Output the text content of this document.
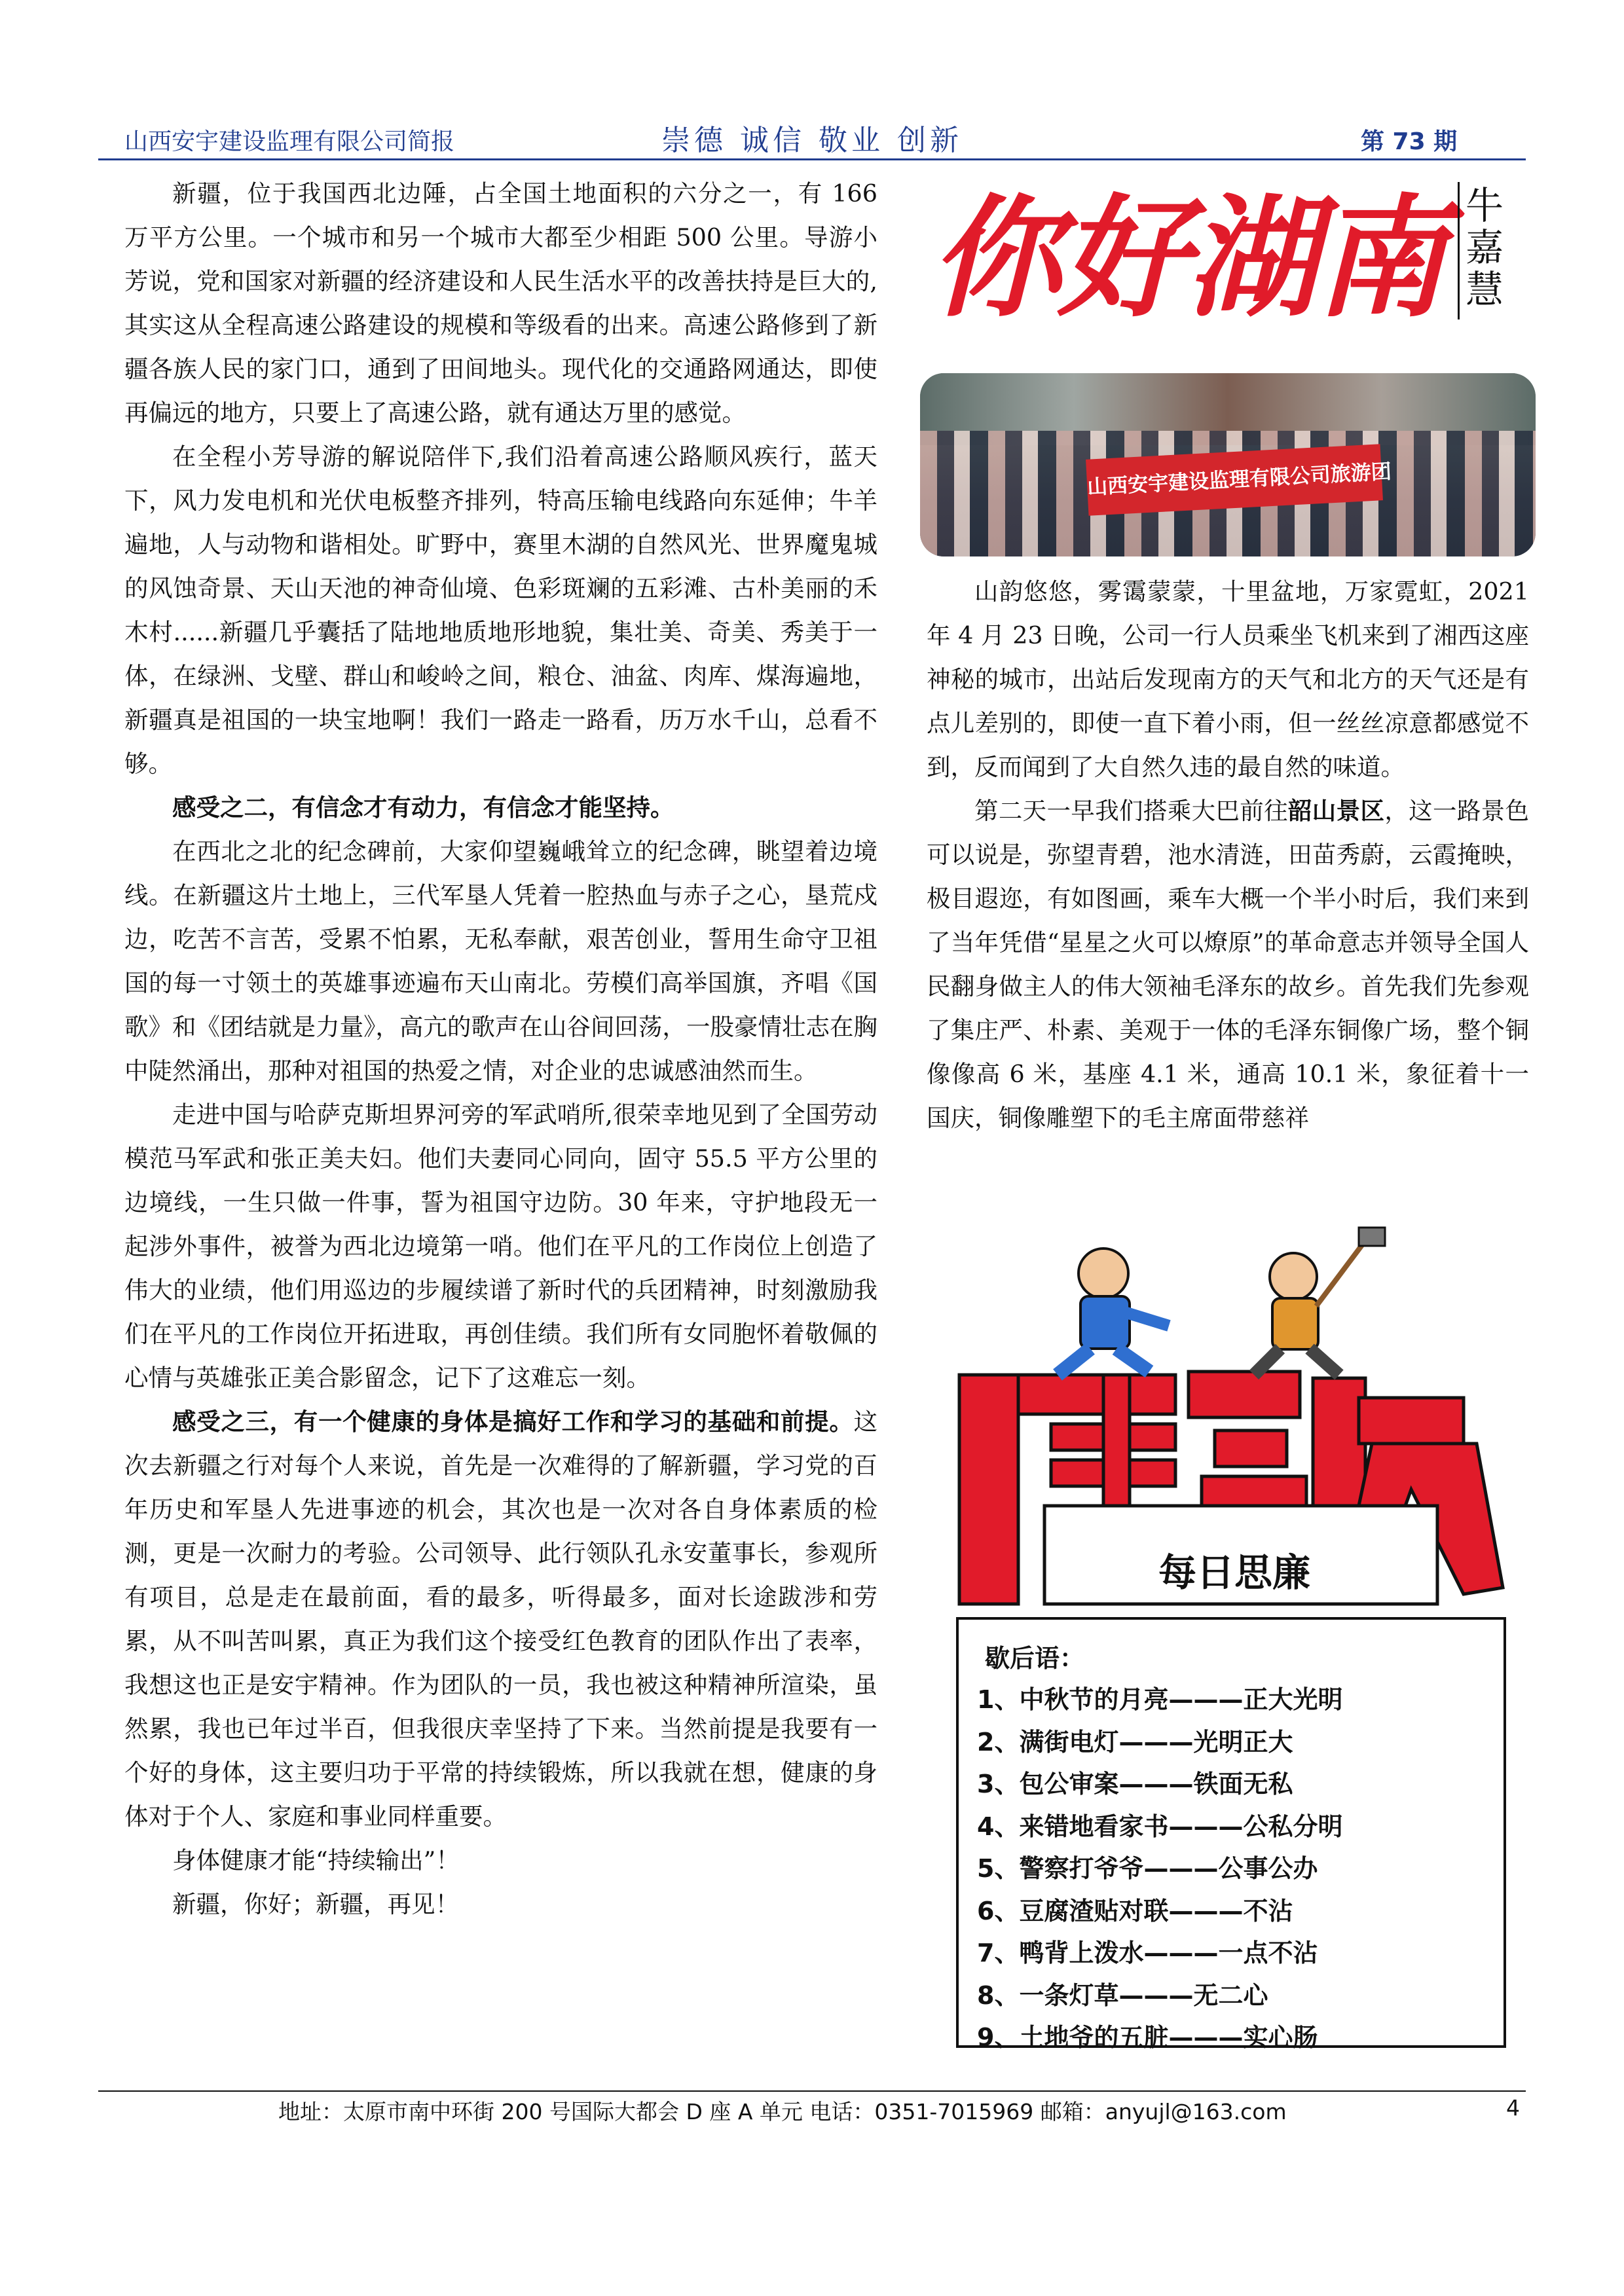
山西安宇建设监理有限公司简报	崇德 诚信 敬业 创新	第 73 期

新疆，位于我国西北边陲，占全国土地面积的六分之一，有 166 万平方公里。一个城市和另一个城市大都至少相距 500 公里。导游小芳说，党和国家对新疆的经济建设和人民生活水平的改善扶持是巨大的,其实这从全程高速公路建设的规模和等级看的出来。高速公路修到了新疆各族人民的家门口，通到了田间地头。现代化的交通路网通达，即使再偏远的地方，只要上了高速公路，就有通达万里的感觉。

在全程小芳导游的解说陪伴下,我们沿着高速公路顺风疾行，蓝天下，风力发电机和光伏电板整齐排列，特高压输电线路向东延伸；牛羊遍地，人与动物和谐相处。旷野中，赛里木湖的自然风光、世界魔鬼城的风蚀奇景、天山天池的神奇仙境、色彩斑斓的五彩滩、古朴美丽的禾木村......新疆几乎囊括了陆地地质地形地貌，集壮美、奇美、秀美于一体，在绿洲、戈壁、群山和峻岭之间，粮仓、油盆、肉库、煤海遍地，新疆真是祖国的一块宝地啊！我们一路走一路看，历万水千山，总看不够。

感受之二，有信念才有动力，有信念才能坚持。

在西北之北的纪念碑前，大家仰望巍峨耸立的纪念碑，眺望着边境线。在新疆这片土地上，三代军垦人凭着一腔热血与赤子之心，垦荒戍边，吃苦不言苦，受累不怕累，无私奉献，艰苦创业，誓用生命守卫祖国的每一寸领土的英雄事迹遍布天山南北。劳模们高举国旗，齐唱《国歌》和《团结就是力量》，高亢的歌声在山谷间回荡，一股豪情壮志在胸中陡然涌出，那种对祖国的热爱之情，对企业的忠诚感油然而生。

走进中国与哈萨克斯坦界河旁的军武哨所,很荣幸地见到了全国劳动模范马军武和张正美夫妇。他们夫妻同心同向，固守 55.5 平方公里的边境线，一生只做一件事，誓为祖国守边防。30 年来，守护地段无一起涉外事件，被誉为西北边境第一哨。他们在平凡的工作岗位上创造了伟大的业绩，他们用巡边的步履续谱了新时代的兵团精神，时刻激励我们在平凡的工作岗位开拓进取，再创佳绩。我们所有女同胞怀着敬佩的心情与英雄张正美合影留念，记下了这难忘一刻。

感受之三，有一个健康的身体是搞好工作和学习的基础和前提。这次去新疆之行对每个人来说，首先是一次难得的了解新疆，学习党的百年历史和军垦人先进事迹的机会，其次也是一次对各自身体素质的检测，更是一次耐力的考验。公司领导、此行领队孔永安董事长，参观所有项目，总是走在最前面，看的最多，听得最多，面对长途跋涉和劳累，从不叫苦叫累，真正为我们这个接受红色教育的团队作出了表率，我想这也正是安宇精神。作为团队的一员，我也被这种精神所渲染，虽然累，我也已年过半百，但我很庆幸坚持了下来。当然前提是我要有一个好的身体，这主要归功于平常的持续锻炼，所以我就在想，健康的身体对于个人、家庭和事业同样重要。

身体健康才能“持续输出”！

新疆，你好；新疆，再见！

你好湖南 牛嘉慧
山西安宇建设监理有限公司旅游团

山韵悠悠，雾霭蒙蒙，十里盆地，万家霓虹，2021 年 4 月 23 日晚，公司一行人员乘坐飞机来到了湘西这座神秘的城市，出站后发现南方的天气和北方的天气还是有点儿差别的，即使一直下着小雨，但一丝丝凉意都感觉不到，反而闻到了大自然久违的最自然的味道。

第二天一早我们搭乘大巴前往韶山景区，这一路景色可以说是，弥望青碧，池水清涟，田苗秀蔚，云霞掩映，极目遐迩，有如图画，乘车大概一个半小时后，我们来到了当年凭借“星星之火可以燎原”的革命意志并领导全国人民翻身做主人的伟大领袖毛泽东的故乡。首先我们先参观了集庄严、朴素、美观于一体的毛泽东铜像广场，整个铜像像高 6 米，基座 4.1 米，通高 10.1 米，象征着十一国庆，铜像雕塑下的毛主席面带慈祥

每日思廉
歇后语：
1、中秋节的月亮———正大光明
2、满街电灯———光明正大
3、包公审案———铁面无私
4、来错地看家书———公私分明
5、警察打爷爷———公事公办
6、豆腐渣贴对联———不沾
7、鸭背上泼水———一点不沾
8、一条灯草———无二心
9、土地爷的五脏———实心肠
地址：太原市南中环街 200 号国际大都会 D 座 A 单元 电话：0351-7015969 邮箱：anyujl@163.com	4
